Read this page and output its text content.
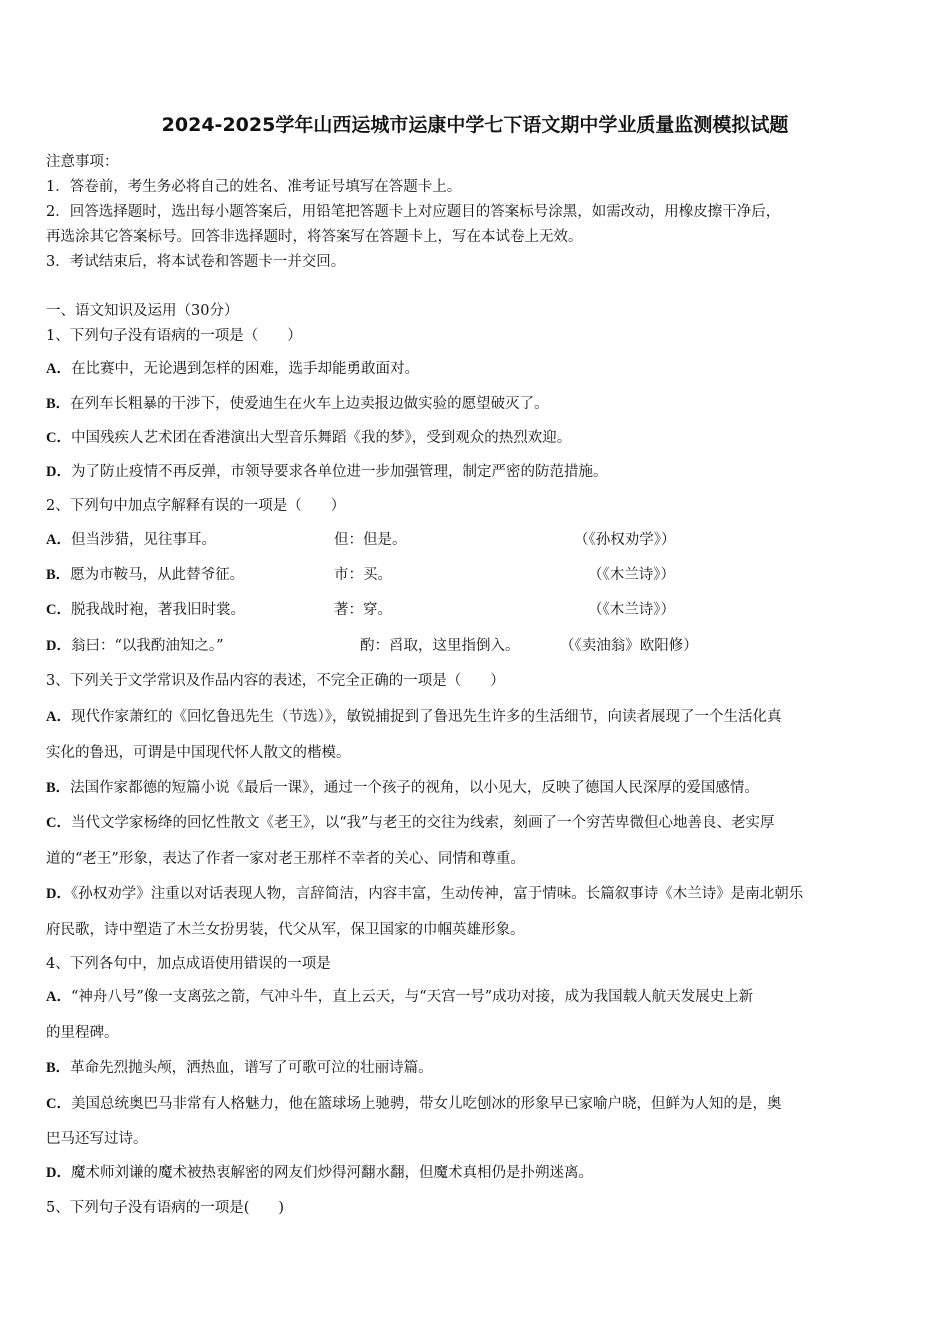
2024-2025学年山西运城市运康中学七下语文期中学业质量监测模拟试题
注意事项：
1．答卷前，考生务必将自己的姓名、准考证号填写在答题卡上。
2．回答选择题时，选出每小题答案后，用铅笔把答题卡上对应题目的答案标号涂黑，如需改动，用橡皮擦干净后，
再选涂其它答案标号。回答非选择题时，将答案写在答题卡上，写在本试卷上无效。
3．考试结束后，将本试卷和答题卡一并交回。
一、语文知识及运用（30分）
1、下列句子没有语病的一项是（　　）
A．在比赛中，无论遇到怎样的困难，选手却能勇敢面对。
B．在列车长粗暴的干涉下，使爱迪生在火车上边卖报边做实验的愿望破灭了。
C．中国残疾人艺术团在香港演出大型音乐舞蹈《我的梦》，受到观众的热烈欢迎。
D．为了防止疫情不再反弹，市领导要求各单位进一步加强管理，制定严密的防范措施。
2、下列句中加点字解释有误的一项是（　　）
A．但当涉猎，见往事耳。	但：但是。	（《孙权劝学》）
B．愿为市鞍马，从此替爷征。	市：买。	（《木兰诗》）
C．脱我战时袍，著我旧时裳。	著：穿。	（《木兰诗》）
D．翁曰：“以我酌油知之。”	酌：舀取，这里指倒入。	（《卖油翁》欧阳修）
3、下列关于文学常识及作品内容的表述，不完全正确的一项是（　　）
A．现代作家萧红的《回忆鲁迅先生（节选）》，敏锐捕捉到了鲁迅先生许多的生活细节，向读者展现了一个生活化真
实化的鲁迅，可谓是中国现代怀人散文的楷模。
B．法国作家都德的短篇小说《最后一课》，通过一个孩子的视角，以小见大，反映了德国人民深厚的爱国感情。
C．当代文学家杨绛的回忆性散文《老王》，以“我”与老王的交往为线索，刻画了一个穷苦卑微但心地善良、老实厚
道的“老王”形象，表达了作者一家对老王那样不幸者的关心、同情和尊重。
D．《孙权劝学》注重以对话表现人物，言辞简洁，内容丰富，生动传神，富于情味。长篇叙事诗《木兰诗》是南北朝乐
府民歌，诗中塑造了木兰女扮男装，代父从军，保卫国家的巾帼英雄形象。
4、下列各句中，加点成语使用错误的一项是
A．“神舟八号”像一支离弦之箭，气冲斗牛，直上云天，与“天宫一号”成功对接，成为我国载人航天发展史上新
的里程碑。
B．革命先烈抛头颅，洒热血，谱写了可歌可泣的壮丽诗篇。
C．美国总统奥巴马非常有人格魅力，他在篮球场上驰骋，带女儿吃刨冰的形象早已家喻户晓，但鲜为人知的是，奥
巴马还写过诗。
D．魔术师刘谦的魔术被热衷解密的网友们炒得河翻水翻，但魔术真相仍是扑朔迷离。
5、下列句子没有语病的一项是(　　)
